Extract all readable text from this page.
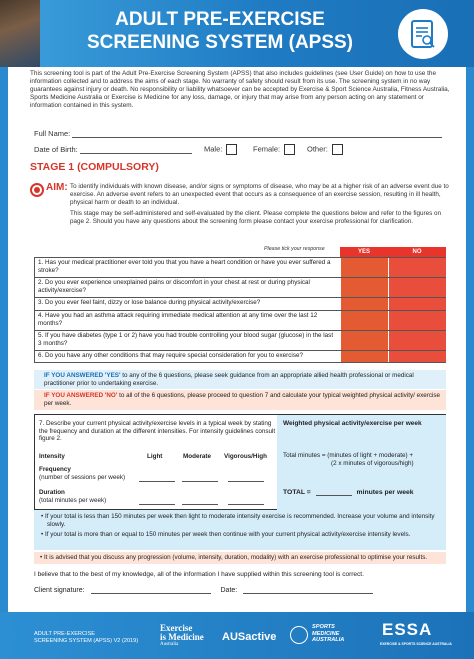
ADULT PRE-EXERCISE
SCREENING SYSTEM (APSS)
This screening tool is part of the Adult Pre-Exercise Screening System (APSS) that also includes guidelines (see User Guide) on how to use the information collected and to address the aims of each stage. No warranty of safety should result from its use. The screening system in no way guarantees against injury or death. No responsibility or liability whatsoever can be accepted by Exercise & Sport Science Australia, Fitness Australia, Sports Medicine Australia or Exercise is Medicine for any loss, damage, or injury that may arise from any person acting on any statement or information contained in this system.
Full Name:
Date of Birth:	Male:	Female:	Other:
STAGE 1 (COMPULSORY)
AIM: To identify individuals with known disease, and/or signs or symptoms of disease, who may be at a higher risk of an adverse event due to exercise. An adverse event refers to an unexpected event that occurs as a consequence of an exercise session, resulting in ill health, physical harm or death to an individual.

This stage may be self-administered and self-evaluated by the client. Please complete the questions below and refer to the figures on page 2. Should you have any questions about the screening form please contact your exercise professional for clarification.

Please tick your response	YES	NO
1. Has your medical practitioner ever told you that you have a heart condition or have you ever suffered a stroke?
2. Do you ever experience unexplained pains or discomfort in your chest at rest or during physical activity/exercise?
3. Do you ever feel faint, dizzy or lose balance during physical activity/exercise?
4. Have you had an asthma attack requiring immediate medical attention at any time over the last 12 months?
5. If you have diabetes (type 1 or 2) have you had trouble controlling your blood sugar (glucose) in the last 3 months?
6. Do you have any other conditions that may require special consideration for you to exercise?
IF YOU ANSWERED 'YES' to any of the 6 questions, please seek guidance from an appropriate allied health professional or medical practitioner prior to undertaking exercise.
IF YOU ANSWERED 'NO' to all of the 6 questions, please proceed to question 7 and calculate your typical weighted physical activity/ exercise per week.
7. Describe your current physical activity/exercise levels in a typical week by stating the frequency and duration at the different intensities. For intensity guidelines consult figure 2.
Intensity	Light	Moderate Vigorous/High
Frequency
(number of sessions per week)
Duration
(total minutes per week)
Weighted physical activity/exercise per week
Total minutes = (minutes of light + moderate) +
(2 x minutes of vigorous/high)
TOTAL =	minutes per week
• If your total is less than 150 minutes per week then light to moderate intensity exercise is recommended. Increase your volume and intensity slowly.
• If your total is more than or equal to 150 minutes per week then continue with your current physical activity/exercise intensity levels.
• It is advised that you discuss any progression (volume, intensity, duration, modality) with an exercise professional to optimise your results.
I believe that to the best of my knowledge, all of the information I have supplied within this screening tool is correct.
Client signature:	Date:
ADULT PRE-EXERCISE
SCREENING SYSTEM (APSS) V2 (2019)
Exercise
is Medicine
Australia
AUSactive
SPORTS
MEDICINE
AUSTRALIA
ESSA
EXERCISE & SPORTS SCIENCE AUSTRALIA
